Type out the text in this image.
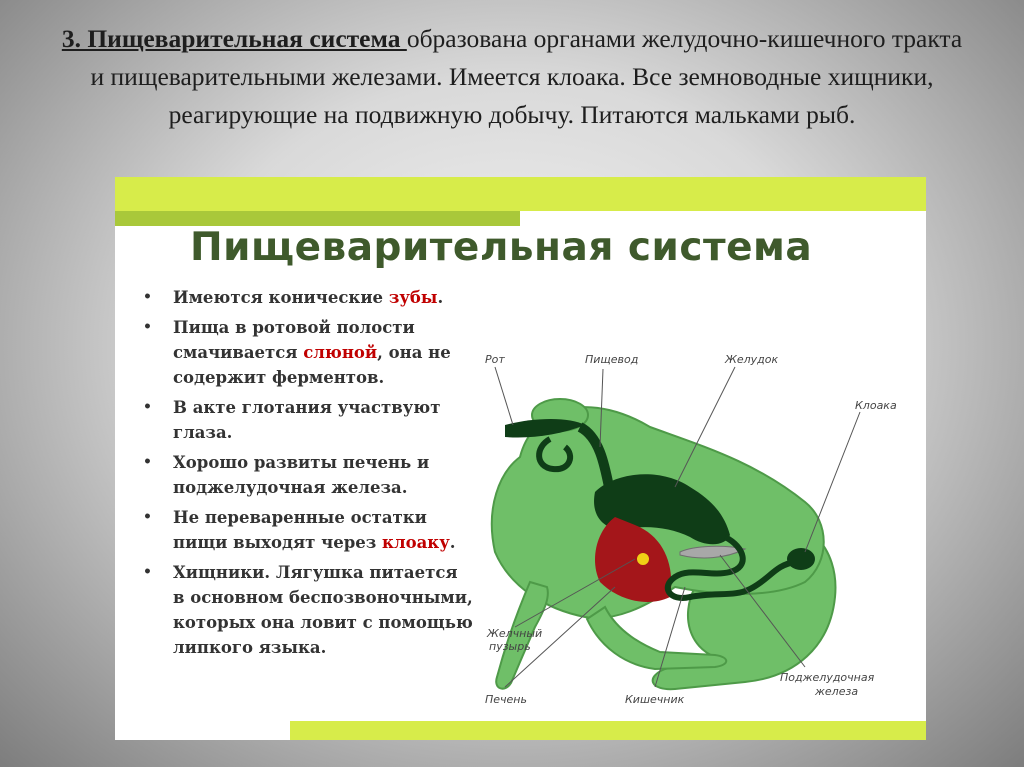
3. Пищеварительная система образована органами желудочно-кишечного тракта и пищеварительными железами. Имеется клоака. Все земноводные хищники, реагирующие на подвижную добычу. Питаются мальками рыб.
Пищеварительная система
• Имеются конические зубы.
• Пища в ротовой полости смачивается слюной, она не содержит ферментов.
• В акте глотания участвуют глаза.
• Хорошо развиты печень и поджелудочная железа.
• Не переваренные остатки пищи выходят через клоаку.
• Хищники. Лягушка питается в основном беспозвоночными, которых она ловит с помощью липкого языка.
Рот	Пищевод	Желудок
Клоака
Желчный
пузырь
Печень	Кишечник
Поджелудочная
железа
